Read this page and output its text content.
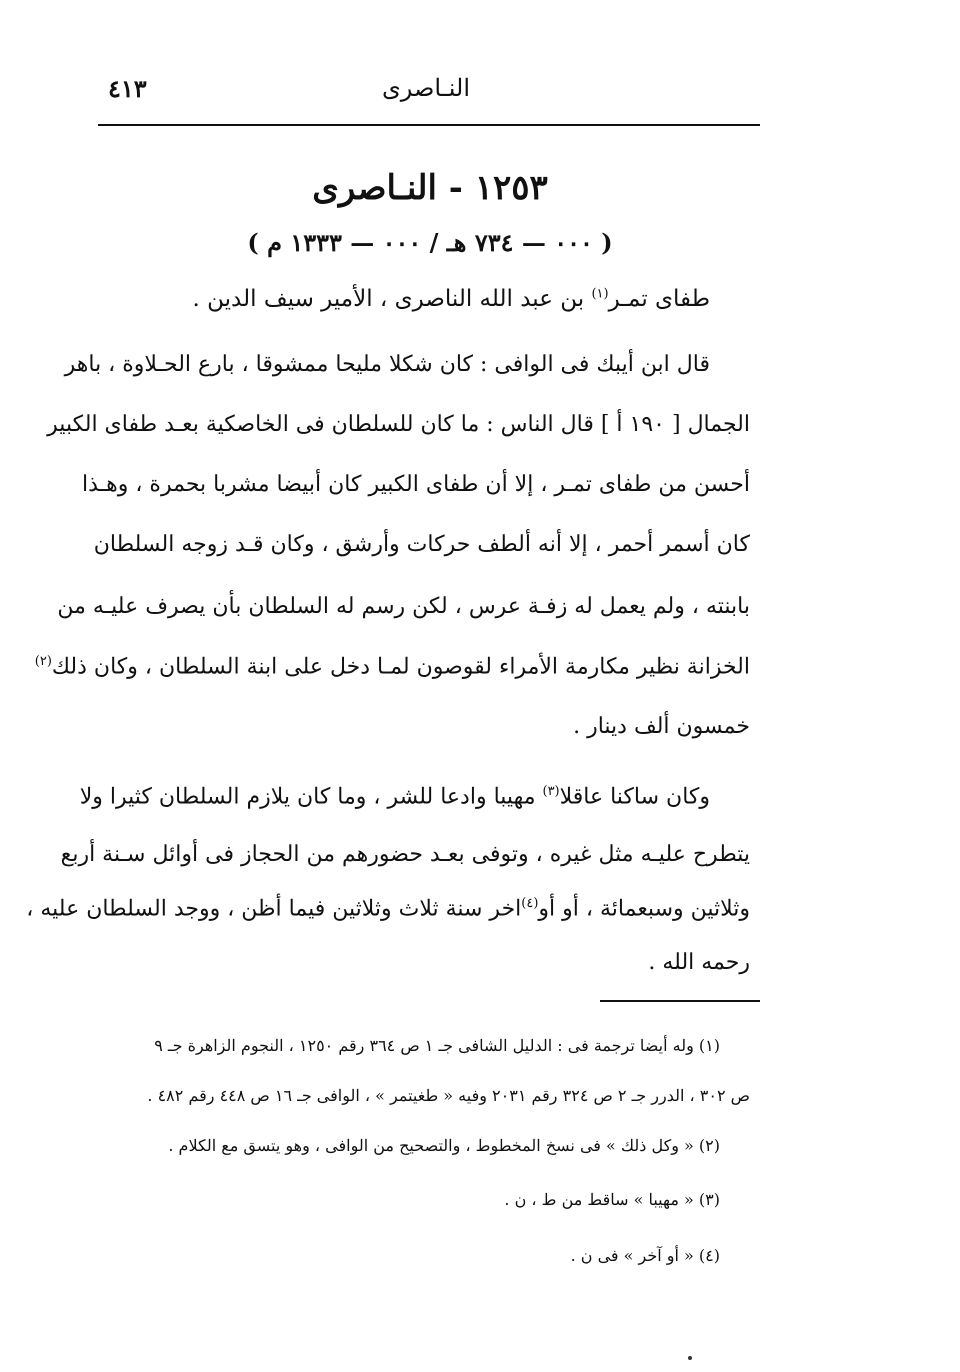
النـاصرى
٤١٣
١٢٥٣ - النـاصرى
( ٠٠٠ — ٧٣٤ هـ / ٠٠٠ — ١٣٣٣ م )
طفاى تمـر$^{(١)}$ بن عبد الله الناصرى ، الأمير سيف الدين .
قال ابن أيبك فى الوافى : كان شكلا مليحا ممشوقا ، بارع الحـلاوة ، باهر
الجمال [ ١٩٠ أ ] قال الناس : ما كان للسلطان فى الخاصكية بعـد طفاى الكبير
أحسن من طفاى تمـر ، إلا أن طفاى الكبير كان أبيضا مشربا بحمرة ، وهـذا
كان أسمر أحمر ، إلا أنه ألطف حركات وأرشق ، وكان قـد زوجه السلطان
بابنته ، ولم يعمل له زفـة عرس ، لكن رسم له السلطان بأن يصرف عليـه من
الخزانة نظير مكارمة الأمراء لقوصون لمـا دخل على ابنة السلطان ، وكان ذلك$^{(٢)}$
خمسون ألف دينار .
وكان ساكنا عاقلا$^{(٣)}$ مهيبا وادعا للشر ، وما كان يلازم السلطان كثيرا ولا
يتطرح عليـه مثل غيره ، وتوفى بعـد حضورهم من الحجاز فى أوائل سـنة أربع
وثلاثين وسبعمائة ، أو أو$^{(٤)}$اخر سنة ثلاث وثلاثين فيما أظن ، ووجد السلطان عليه ،
رحمه الله .
(١) وله أيضا ترجمة فى : الدليل الشافى جـ ١ ص ٣٦٤ رقم ١٢٥٠ ، النجوم الزاهرة جـ ٩
ص ٣٠٢ ، الدرر جـ ٢ ص ٣٢٤ رقم ٢٠٣١ وفيه « طغيتمر » ، الوافى جـ ١٦ ص ٤٤٨ رقم ٤٨٢ .
(٢) « وكل ذلك » فى نسخ المخطوط ، والتصحيح من الوافى ، وهو يتسق مع الكلام .
(٣) « مهيبا » ساقط من ط ، ن .
(٤) « أو آخر » فى ن .
